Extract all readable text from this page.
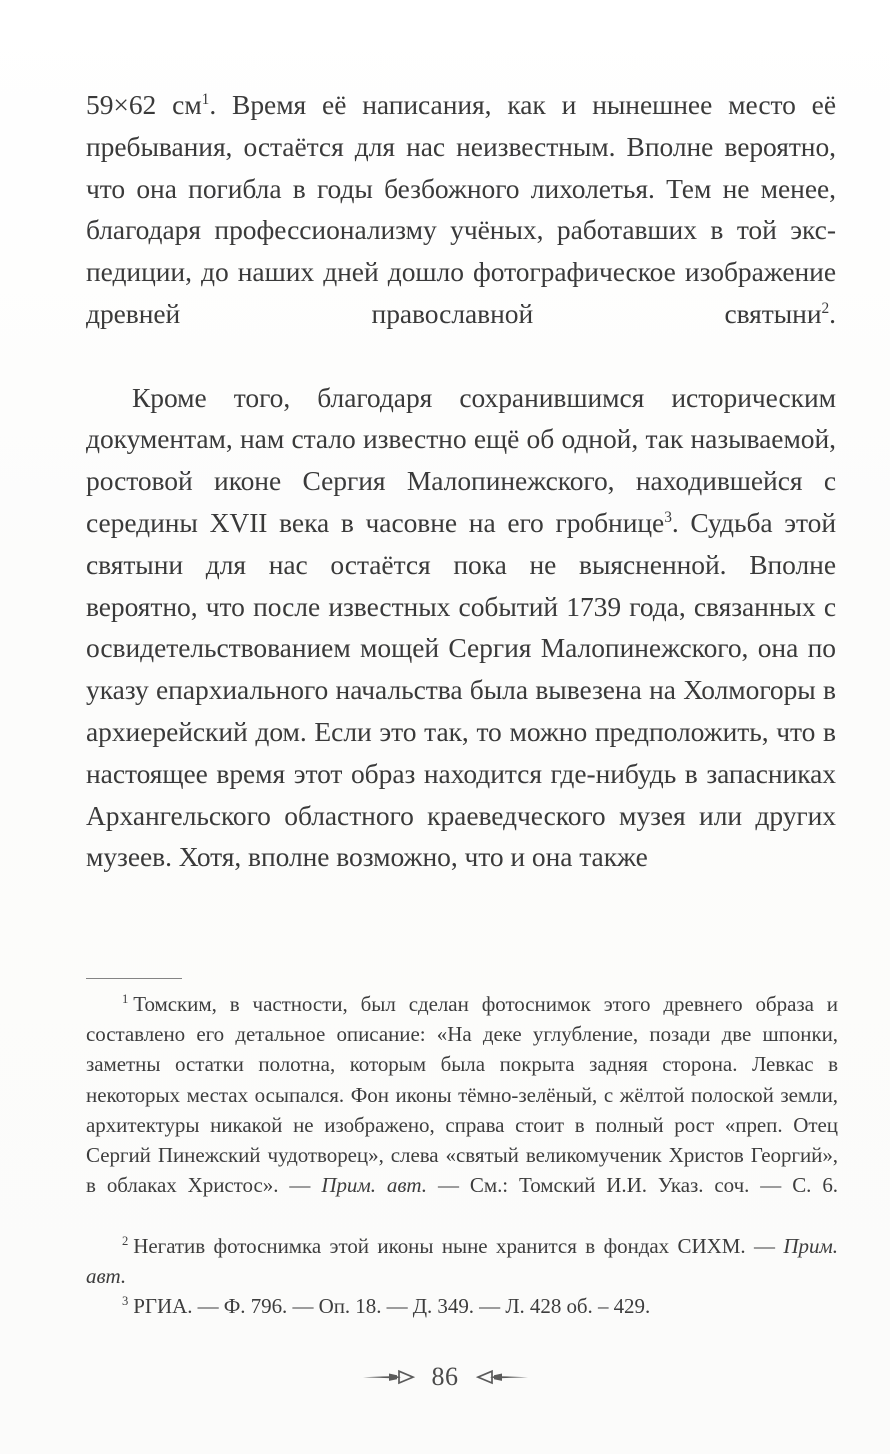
59×62 $см^1$. Время её написания, как и нынешнее место её пребывания, остаётся для нас неизвестным. Вполне вероятно, что она погибла в годы безбожного лихолетья. Тем не менее, благодаря профессионализму учёных, работавших в той экспедиции, до наших дней дошло фотографическое изображение древней православной святыни$^2$.

Кроме того, благодаря сохранившимся историческим документам, нам стало известно ещё об одной, так называемой, ростовой иконе Сергия Малопинежского, находившейся с середины XVII века в часовне на его гробнице$^3$. Судьба этой святыни для нас остаётся пока не выясненной. Вполне вероятно, что после известных событий 1739 года, связанных с освидетельствованием мощей Сергия Малопинежского, она по указу епархиального начальства была вывезена на Холмогоры в архиерейский дом. Если это так, то можно предположить, что в настоящее время этот образ находится где-нибудь в запасниках Архангельского областного краеведческого музея или других музеев. Хотя, вполне возможно, что и она также

$^1$ Томским, в частности, был сделан фотоснимок этого древнего образа и составлено его детальное описание: «На деке углубление, позади две шпонки, заметны остатки полотна, которым была покрыта задняя сторона. Левкас в некоторых местах осыпался. Фон иконы тёмно-зелёный, с жёлтой полоской земли, архитектуры никакой не изображено, справа стоит в полный рост «преп. Отец Сергий Пинежский чудотворец», слева «святый великомученик Христов Георгий», в облаках Христос». — Прим. авт. — См.: Томский И.И. Указ. соч. — С. 6.

$^2$ Негатив фотоснимка этой иконы ныне хранится в фондах СИХМ. — Прим. авт.

$^3$ РГИА. — Ф. 796. — Оп. 18. — Д. 349. — Л. 428 об. – 429.

86
